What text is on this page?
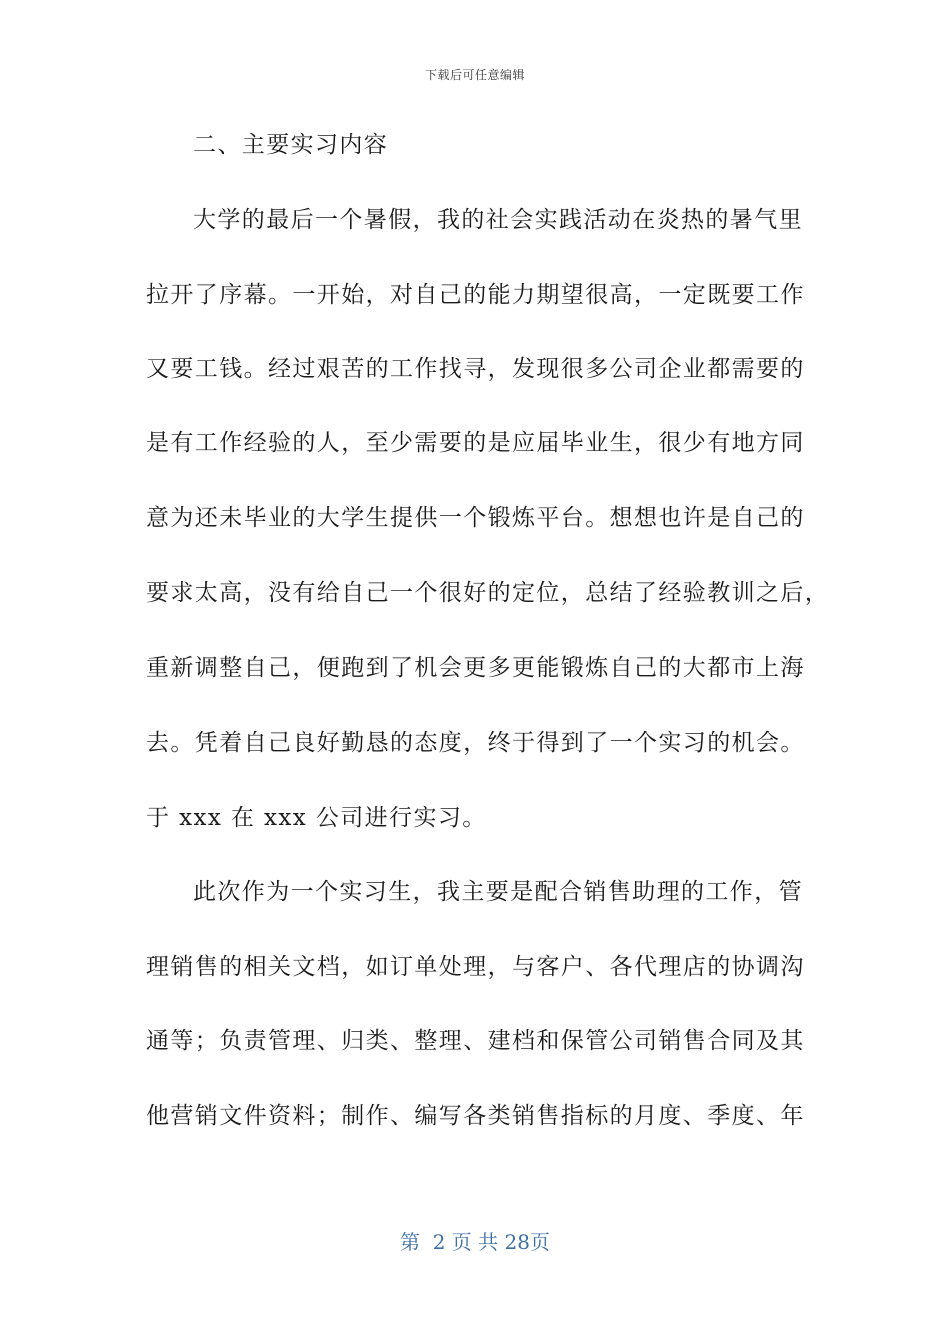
下载后可任意编辑
二、主要实习内容
大学的最后一个暑假，我的社会实践活动在炎热的暑气里
拉开了序幕。一开始，对自己的能力期望很高，一定既要工作
又要工钱。经过艰苦的工作找寻，发现很多公司企业都需要的
是有工作经验的人，至少需要的是应届毕业生，很少有地方同
意为还未毕业的大学生提供一个锻炼平台。想想也许是自己的
要求太高，没有给自己一个很好的定位，总结了经验教训之后，
重新调整自己，便跑到了机会更多更能锻炼自己的大都市上海
去。凭着自己良好勤恳的态度，终于得到了一个实习的机会。
于 xxx 在 xxx 公司进行实习。
此次作为一个实习生，我主要是配合销售助理的工作，管
理销售的相关文档，如订单处理，与客户、各代理店的协调沟
通等；负责管理、归类、整理、建档和保管公司销售合同及其
他营销文件资料；制作、编写各类销售指标的月度、季度、年
第  2 页 共 28页
